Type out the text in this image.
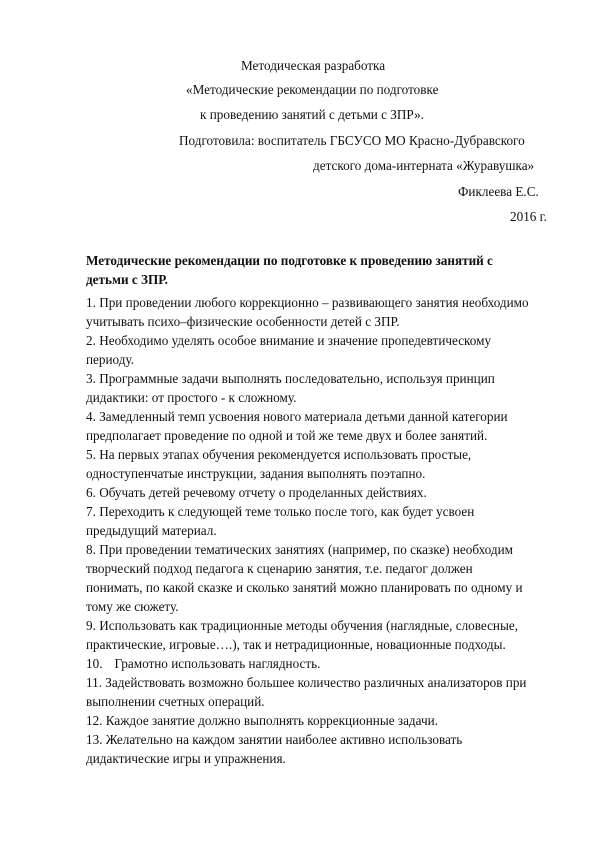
Методическая разработка
«Методические рекомендации по подготовке
к проведению занятий с детьми с ЗПР».
Подготовила: воспитатель ГБСУСО МО Красно-Дубравского
детского дома-интерната «Журавушка»
Фиклеева Е.С.
2016 г.
Методические рекомендации по подготовке к проведению занятий с
детьми с ЗПР.
1. При проведении любого коррекционно – развивающего занятия необходимо
учитывать психо–физические особенности детей с ЗПР.
2. Необходимо уделять особое внимание и значение пропедевтическому
периоду.
3. Программные задачи выполнять последовательно, используя принцип
дидактики: от простого - к сложному.
4. Замедленный темп усвоения нового материала детьми данной категории
предполагает проведение по одной и той же теме двух и более занятий.
5. На первых этапах обучения рекомендуется использовать простые,
одноступенчатые инструкции, задания выполнять поэтапно.
6. Обучать детей речевому отчету о проделанных действиях.
7. Переходить к следующей теме только после того, как будет усвоен
предыдущий материал.
8. При проведении тематических занятиях (например, по сказке) необходим
творческий подход педагога к сценарию занятия, т.е. педагог должен
понимать, по какой сказке и сколько занятий можно планировать по одному и
тому же сюжету.
9. Использовать как традиционные методы обучения (наглядные, словесные,
практические, игровые….), так и нетрадиционные, новационные подходы.
10. Грамотно использовать наглядность.
11. Задействовать возможно большее количество различных анализаторов при
выполнении счетных операций.
12. Каждое занятие должно выполнять коррекционные задачи.
13. Желательно на каждом занятии наиболее активно использовать
дидактические игры и упражнения.
